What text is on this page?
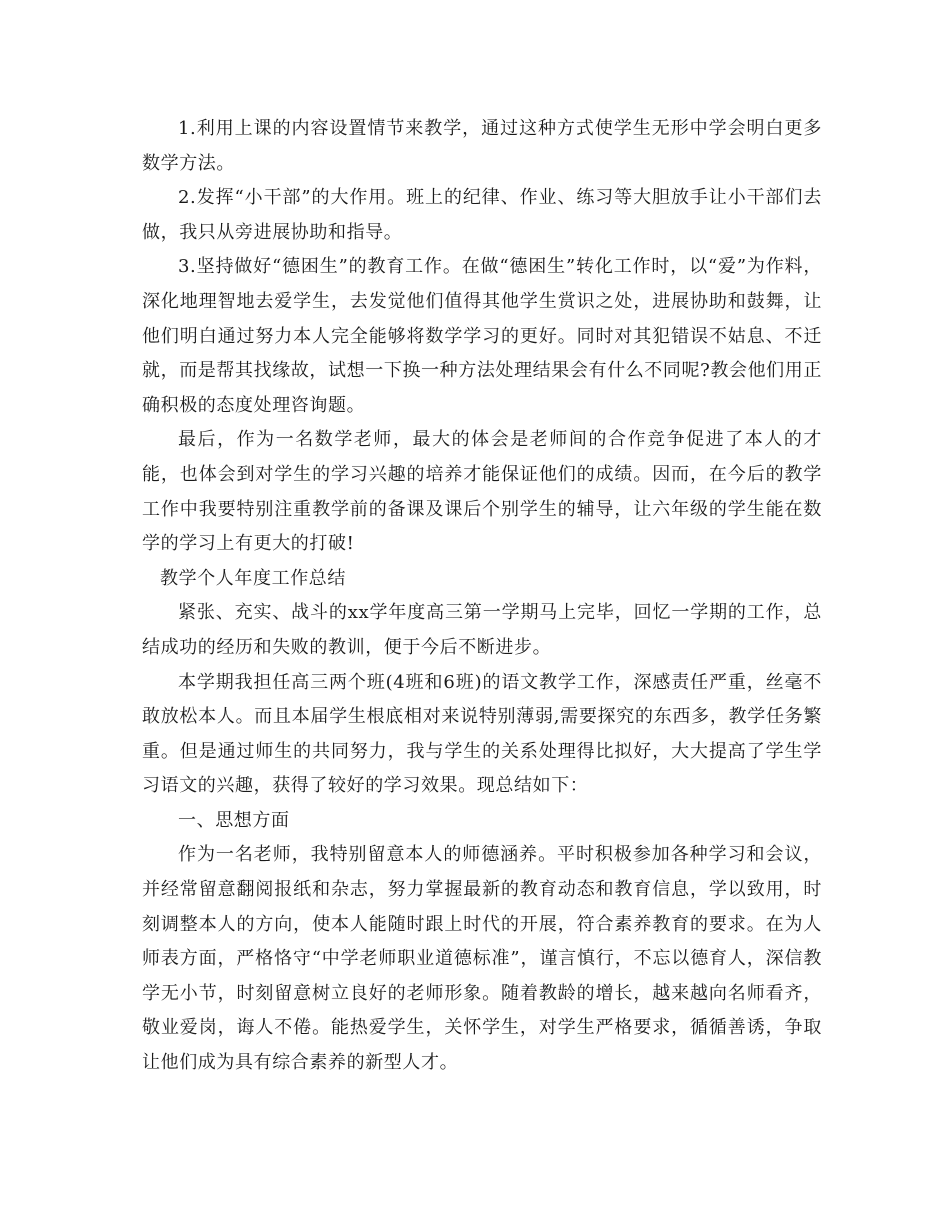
1.利用上课的内容设置情节来教学，通过这种方式使学生无形中学会明白更多数学方法。

2.发挥“小干部”的大作用。班上的纪律、作业、练习等大胆放手让小干部们去做，我只从旁进展协助和指导。

3.坚持做好“德困生”的教育工作。在做“德困生”转化工作时，以“爱”为作料，深化地理智地去爱学生，去发觉他们值得其他学生赏识之处，进展协助和鼓舞，让他们明白通过努力本人完全能够将数学学习的更好。同时对其犯错误不姑息、不迁就，而是帮其找缘故，试想一下换一种方法处理结果会有什么不同呢?教会他们用正确积极的态度处理咨询题。

最后，作为一名数学老师，最大的体会是老师间的合作竞争促进了本人的才能，也体会到对学生的学习兴趣的培养才能保证他们的成绩。因而，在今后的教学工作中我要特别注重教学前的备课及课后个别学生的辅导，让六年级的学生能在数学的学习上有更大的打破!

教学个人年度工作总结

紧张、充实、战斗的xx学年度高三第一学期马上完毕，回忆一学期的工作，总结成功的经历和失败的教训，便于今后不断进步。

本学期我担任高三两个班(4班和6班)的语文教学工作，深感责任严重，丝毫不敢放松本人。而且本届学生根底相对来说特别薄弱,需要探究的东西多，教学任务繁重。但是通过师生的共同努力，我与学生的关系处理得比拟好，大大提高了学生学习语文的兴趣，获得了较好的学习效果。现总结如下：

一、思想方面

作为一名老师，我特别留意本人的师德涵养。平时积极参加各种学习和会议，并经常留意翻阅报纸和杂志，努力掌握最新的教育动态和教育信息，学以致用，时刻调整本人的方向，使本人能随时跟上时代的开展，符合素养教育的要求。在为人师表方面，严格恪守“中学老师职业道德标准”，谨言慎行，不忘以德育人，深信教学无小节，时刻留意树立良好的老师形象。随着教龄的增长，越来越向名师看齐，敬业爱岗，诲人不倦。能热爱学生，关怀学生，对学生严格要求，循循善诱，争取让他们成为具有综合素养的新型人才。
